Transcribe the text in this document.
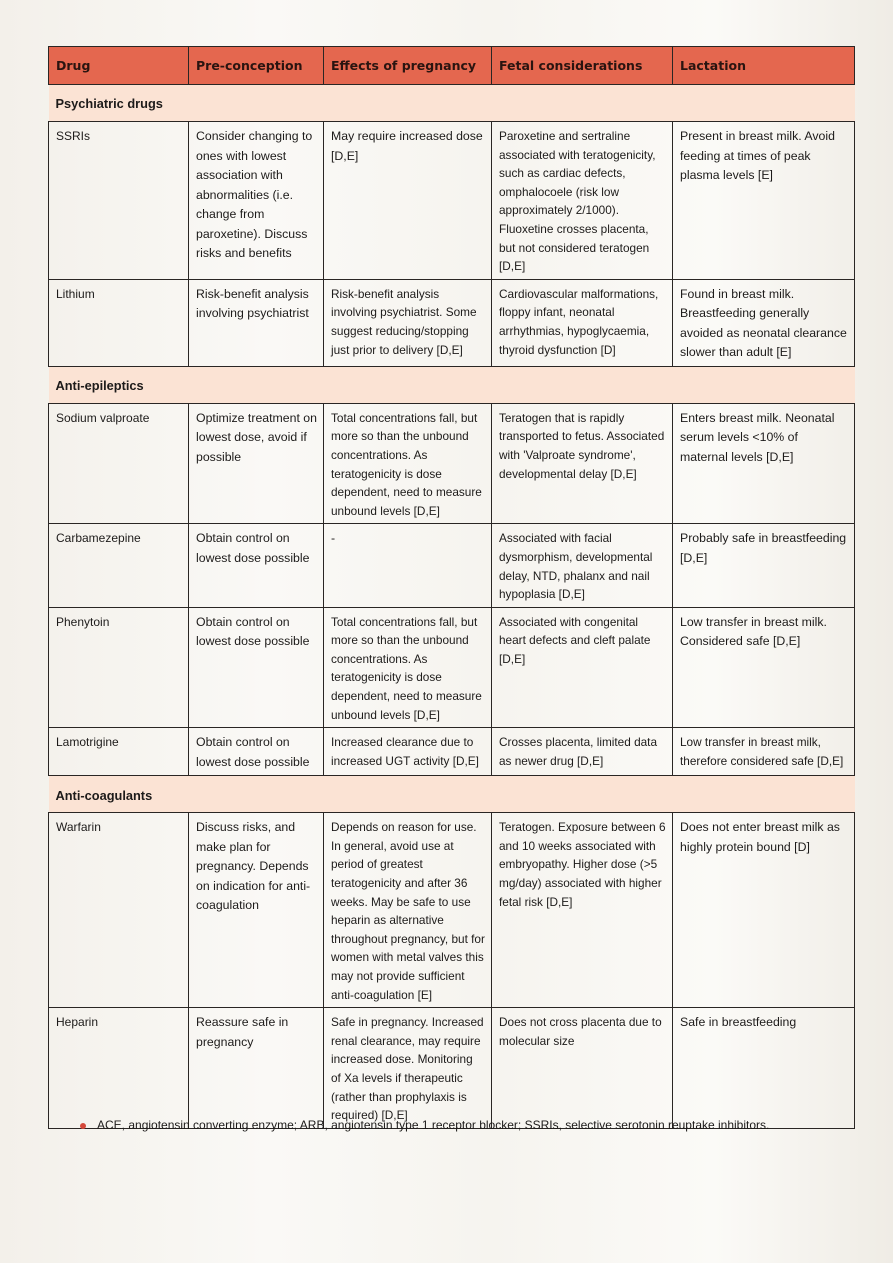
Drug	Pre-conception	Effects of pregnancy	Fetal considerations	Lactation
Psychiatric drugs				
SSRIs	Consider changing to ones with lowest association with abnormalities (i.e. change from paroxetine). Discuss risks and benefits	May require increased dose [D,E]	Paroxetine and sertraline associated with teratogenicity, such as cardiac defects, omphalocoele (risk low approximately 2/1000). Fluoxetine crosses placenta, but not considered teratogen [D,E]	Present in breast milk. Avoid feeding at times of peak plasma levels [E]
Lithium	Risk-benefit analysis involving psychiatrist	Risk-benefit analysis involving psychiatrist. Some suggest reducing/stopping just prior to delivery [D,E]	Cardiovascular malformations, floppy infant, neonatal arrhythmias, hypoglycaemia, thyroid dysfunction [D]	Found in breast milk. Breastfeeding generally avoided as neonatal clearance slower than adult [E]
Anti-epileptics				
Sodium valproate	Optimize treatment on lowest dose, avoid if possible	Total concentrations fall, but more so than the unbound concentrations. As teratogenicity is dose dependent, need to measure unbound levels [D,E]	Teratogen that is rapidly transported to fetus. Associated with 'Valproate syndrome', developmental delay [D,E]	Enters breast milk. Neonatal serum levels <10% of maternal levels [D,E]
Carbamezepine	Obtain control on lowest dose possible	-	Associated with facial dysmorphism, developmental delay, NTD, phalanx and nail hypoplasia [D,E]	Probably safe in breastfeeding [D,E]
Phenytoin	Obtain control on lowest dose possible	Total concentrations fall, but more so than the unbound concentrations. As teratogenicity is dose dependent, need to measure unbound levels [D,E]	Associated with congenital heart defects and cleft palate [D,E]	Low transfer in breast milk. Considered safe [D,E]
Lamotrigine	Obtain control on lowest dose possible	Increased clearance due to increased UGT activity [D,E]	Crosses placenta, limited data as newer drug [D,E]	Low transfer in breast milk, therefore considered safe [D,E]
Anti-coagulants				
Warfarin	Discuss risks, and make plan for pregnancy. Depends on indication for anti-coagulation	Depends on reason for use. In general, avoid use at period of greatest teratogenicity and after 36 weeks. May be safe to use heparin as alternative throughout pregnancy, but for women with metal valves this may not provide sufficient anti-coagulation [E]	Teratogen. Exposure between 6 and 10 weeks associated with embryopathy. Higher dose (>5 mg/day) associated with higher fetal risk [D,E]	Does not enter breast milk as highly protein bound [D]
Heparin	Reassure safe in pregnancy	Safe in pregnancy. Increased renal clearance, may require increased dose. Monitoring of Xa levels if therapeutic (rather than prophylaxis is required) [D,E]	Does not cross placenta due to molecular size	Safe in breastfeeding
ACE, angiotensin converting enzyme; ARB, angiotensin type 1 receptor blocker; SSRIs, selective serotonin reuptake inhibitors.
